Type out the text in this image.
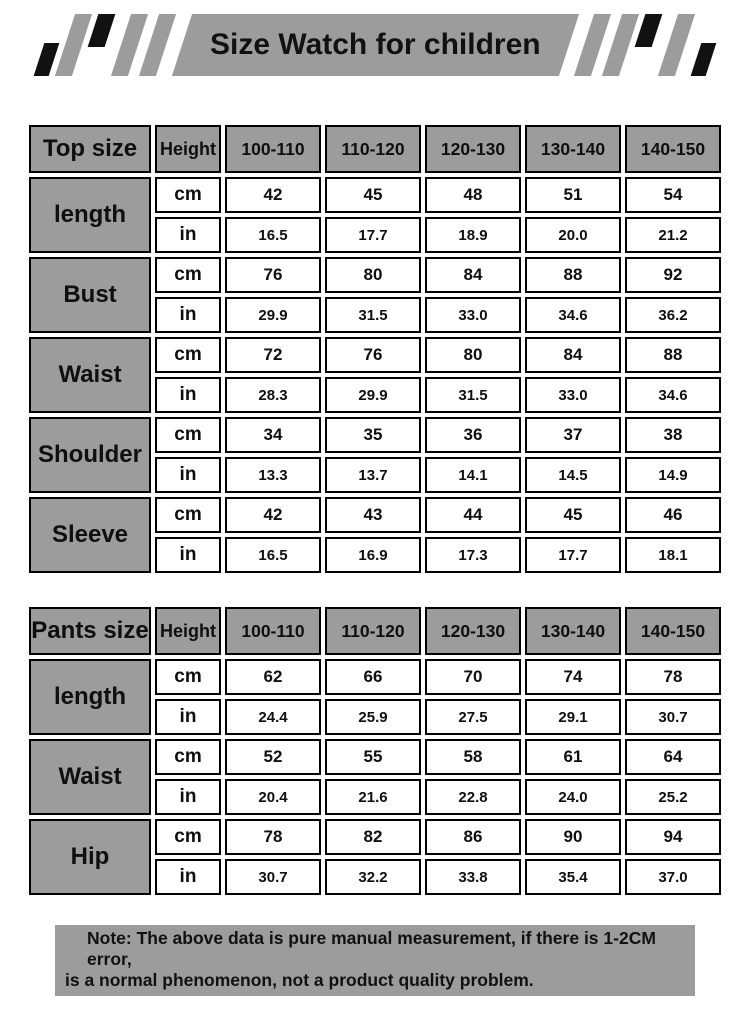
Size Watch for children
Top size	Height	100-110	110-120	120-130	130-140	140-150
length	cm	42	45	48	51	54
	in	16.5	17.7	18.9	20.0	21.2
Bust	cm	76	80	84	88	92
	in	29.9	31.5	33.0	34.6	36.2
Waist	cm	72	76	80	84	88
	in	28.3	29.9	31.5	33.0	34.6
Shoulder	cm	34	35	36	37	38
	in	13.3	13.7	14.1	14.5	14.9
Sleeve	cm	42	43	44	45	46
	in	16.5	16.9	17.3	17.7	18.1
Pants size	Height	100-110	110-120	120-130	130-140	140-150
length	cm	62	66	70	74	78
	in	24.4	25.9	27.5	29.1	30.7
Waist	cm	52	55	58	61	64
	in	20.4	21.6	22.8	24.0	25.2
Hip	cm	78	82	86	90	94
	in	30.7	32.2	33.8	35.4	37.0
Note: The above data is pure manual measurement, if there is 1-2CM error,
is a normal phenomenon, not a product quality problem.
